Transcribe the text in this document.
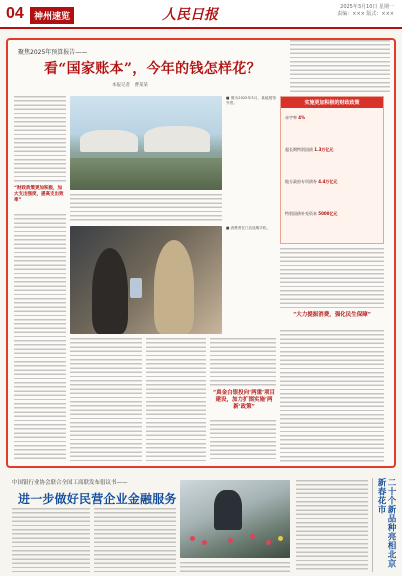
04	神州速览	人民日报	2025年3月10日 星期一
责编：××× 版式：×××
聚焦2025年预算报告——
看“国家账本”，今年的钱怎样花？
本报记者　曹某某
“财政政策更加积极，加大支出强度，提高支出效率”
■ 图为2025年3月，某地展馆外景。
■ 消费者在门店选购手机。
“真金白银投向‘两重’项目建设，加力扩围实施‘两新’政策”
实施更加积极的财政政策
赤字率 4%
超长期特别国债 1.3万亿元
地方政府专项债券 4.4万亿元
特别国债补充资本 5000亿元
“大力提振消费，强化民生保障”
中国银行业协会联合全国工商联发布倡议书——
进一步做好民营企业金融服务	二十个新品种亮相北京新春花市
